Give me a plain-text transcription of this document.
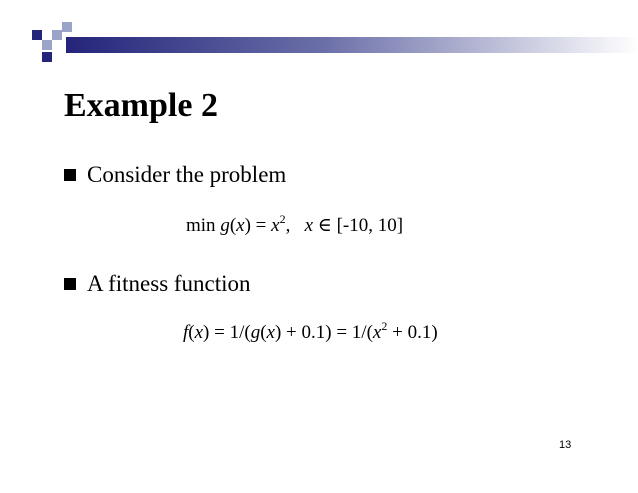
Example 2
Consider the problem
$\min g(x) = x^2$, x ∈ [-10, 10]
A fitness function
$f(x) = 1/(g(x) + 0.1) = 1/(x^2 + 0.1)$
13
